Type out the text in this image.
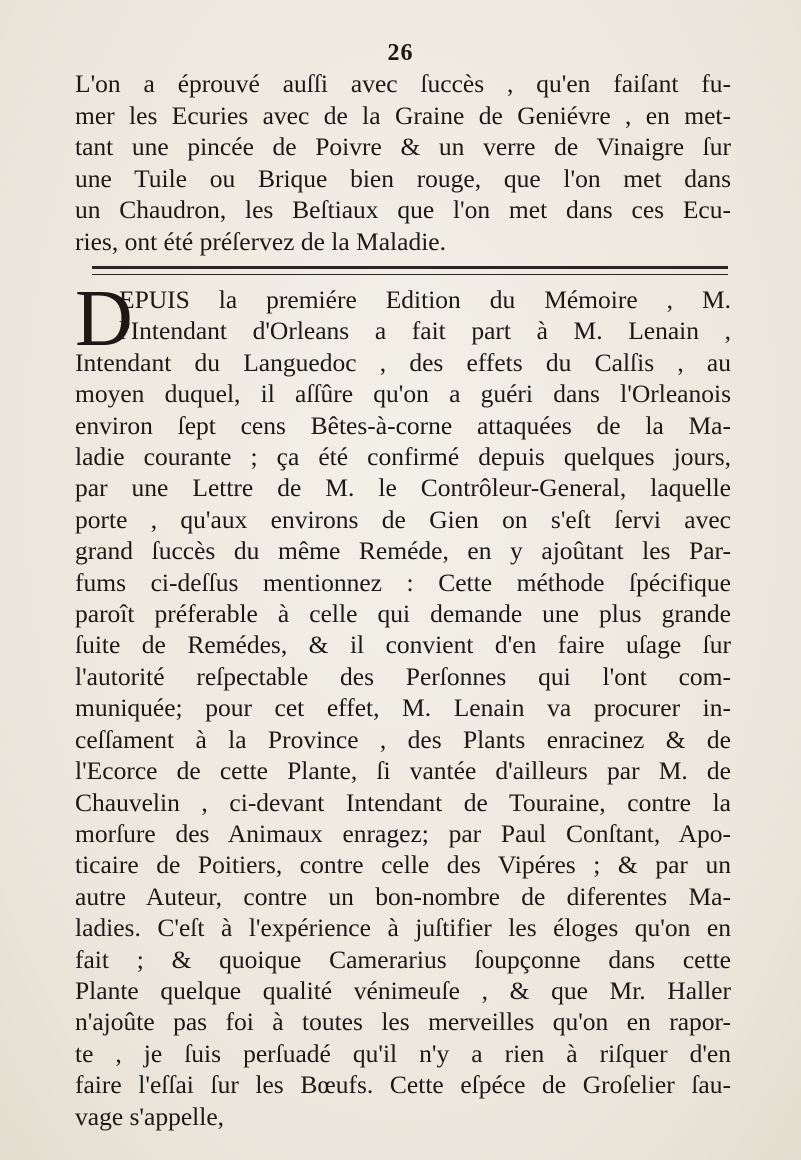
26

L'on a éprouvé auſſi avec ſuccès , qu'en faiſant fu-
mer les Ecuries avec de la Graine de Geniévre , en met-
tant une pincée de Poivre & un verre de Vinaigre ſur
une Tuile ou Brique bien rouge, que l'on met dans
un Chaudron, les Beſtiaux que l'on met dans ces Ecu-
ries, ont été préſervez de la Maladie.

D
EPUIS la premiére Edition du Mémoire , M.
l'Intendant d'Orleans a fait part à M. Lenain ,
Intendant du Languedoc , des effets du Calſis , au
moyen duquel, il aſſûre qu'on a guéri dans l'Orleanois
environ ſept cens Bêtes-à-corne attaquées de la Ma-
ladie courante ; ça été confirmé depuis quelques jours,
par une Lettre de M. le Contrôleur-General, laquelle
porte , qu'aux environs de Gien on s'eſt ſervi avec
grand ſuccès du même Reméde, en y ajoûtant les Par-
fums ci-deſſus mentionnez : Cette méthode ſpécifique
paroît préferable à celle qui demande une plus grande
ſuite de Remédes, & il convient d'en faire uſage ſur
l'autorité reſpectable des Perſonnes qui l'ont com-
muniquée; pour cet effet, M. Lenain va procurer in-
ceſſament à la Province , des Plants enracinez & de
l'Ecorce de cette Plante, ſi vantée d'ailleurs par M. de
Chauvelin , ci-devant Intendant de Touraine, contre la
morſure des Animaux enragez; par Paul Conſtant, Apo-
ticaire de Poitiers, contre celle des Vipéres ; & par un
autre Auteur, contre un bon-nombre de diferentes Ma-
ladies. C'eſt à l'expérience à juſtifier les éloges qu'on en
fait ; & quoique Camerarius ſoupçonne dans cette
Plante quelque qualité vénimeuſe , & que Mr. Haller
n'ajoûte pas foi à toutes les merveilles qu'on en rapor-
te , je ſuis perſuadé qu'il n'y a rien à riſquer d'en
faire l'eſſai ſur les Bœufs. Cette eſpéce de Groſelier ſau-
vage s'appelle,
